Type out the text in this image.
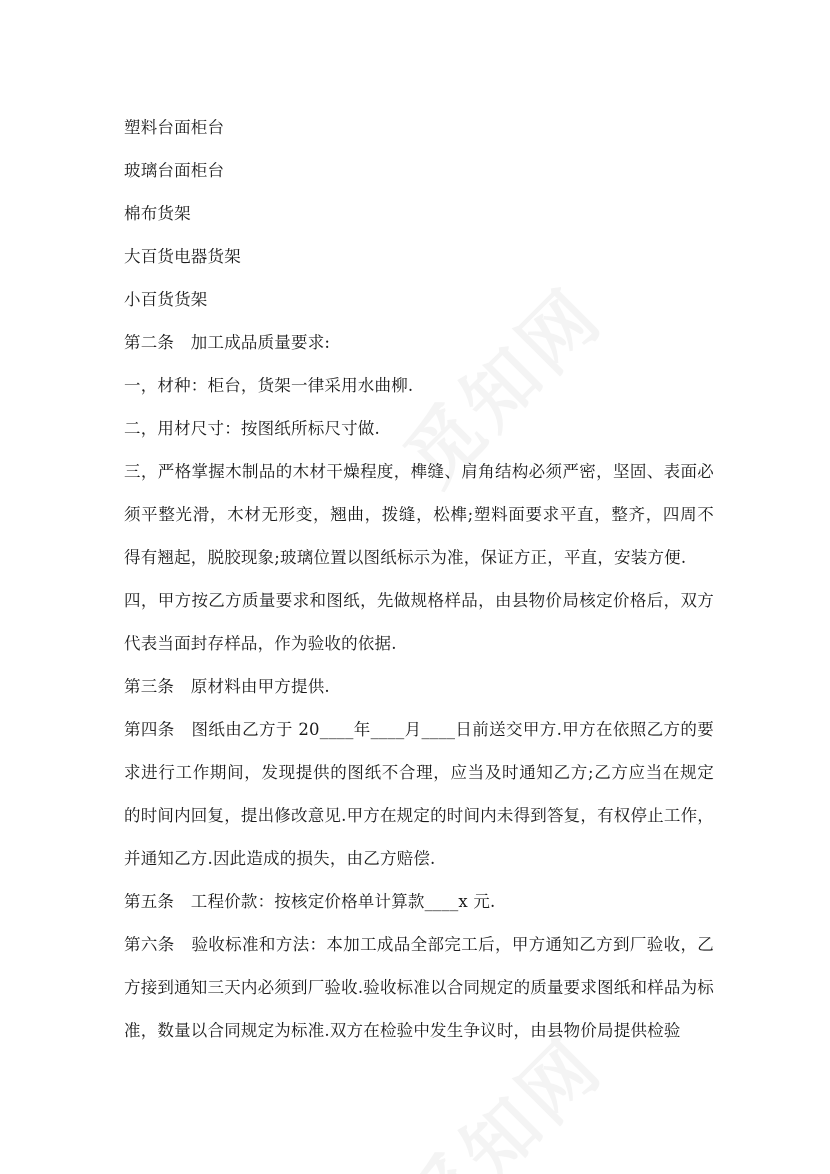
塑料台面柜台

玻璃台面柜台

棉布货架

大百货电器货架

小百货货架

第二条　加工成品质量要求:

一，材种：柜台，货架一律采用水曲柳.

二，用材尺寸：按图纸所标尺寸做.

三，严格掌握木制品的木材干燥程度，榫缝、肩角结构必须严密，坚固、表面必须平整光滑，木材无形变，翘曲，拨缝，松榫;塑料面要求平直，整齐，四周不得有翘起，脱胶现象;玻璃位置以图纸标示为准，保证方正，平直，安装方便.

四，甲方按乙方质量要求和图纸，先做规格样品，由县物价局核定价格后，双方代表当面封存样品，作为验收的依据.

第三条　原材料由甲方提供.

第四条　图纸由乙方于 20____年____月____日前送交甲方.甲方在依照乙方的要求进行工作期间，发现提供的图纸不合理，应当及时通知乙方;乙方应当在规定的时间内回复，提出修改意见.甲方在规定的时间内未得到答复，有权停止工作，并通知乙方.因此造成的损失，由乙方赔偿.

第五条　工程价款：按核定价格单计算款____x 元.

第六条　验收标准和方法：本加工成品全部完工后，甲方通知乙方到厂验收，乙方接到通知三天内必须到厂验收.验收标准以合同规定的质量要求图纸和样品为标准，数量以合同规定为标准.双方在检验中发生争议时，由县物价局提供检验
